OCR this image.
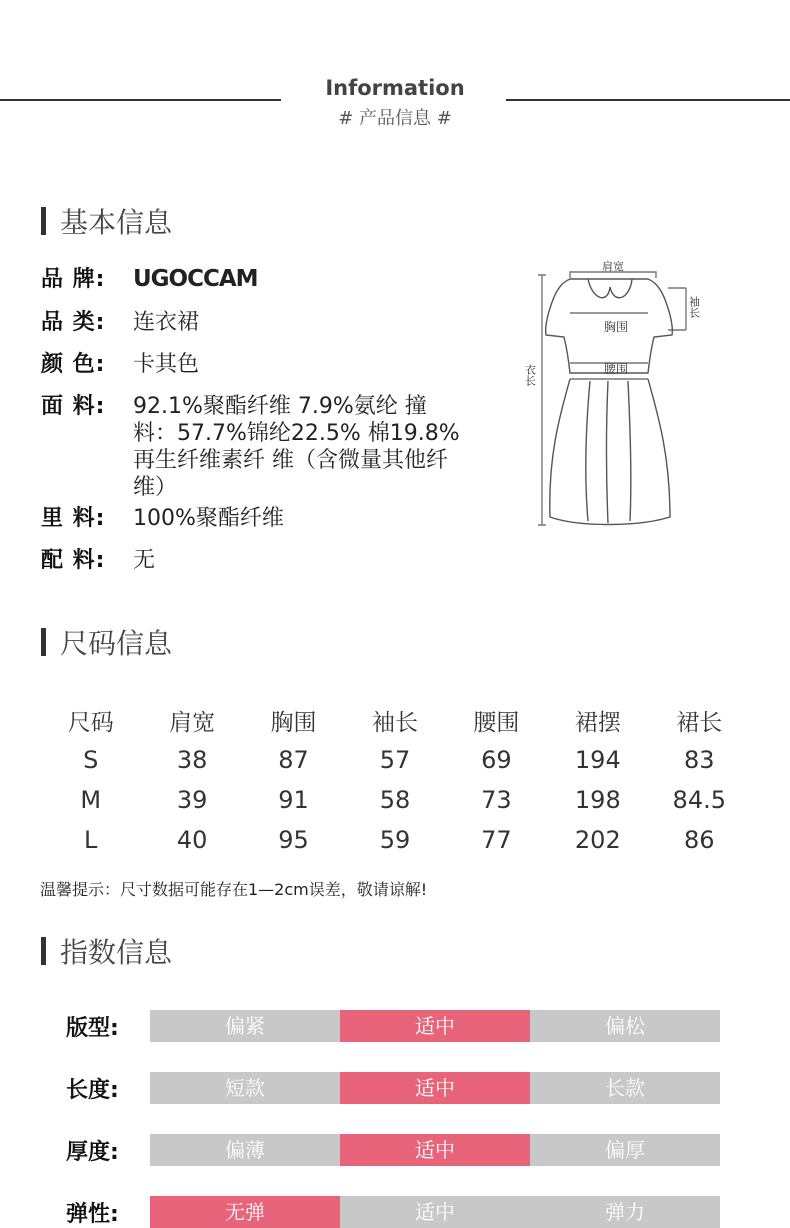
Information
# 产品信息 #
基本信息
品 牌:	UGOCCAM
品 类:	连衣裙
颜 色:	卡其色
面 料:	92.1%聚酯纤维 7.9%氨纶 撞料：57.7%锦纶22.5% 棉19.8%再生纤维素纤 维（含微量其他纤维）
里 料:	100%聚酯纤维
配 料:	无
肩宽
袖长
胸围
腰围
衣长
尺码信息
尺码	肩宽	胸围	袖长	腰围	裙摆	裙长
S	38	87	57	69	194	83
M	39	91	58	73	198	84.5
L	40	95	59	77	202	86
温馨提示：尺寸数据可能存在1—2cm误差，敬请谅解!
指数信息
版型:	偏紧	适中	偏松
长度:	短款	适中	长款
厚度:	偏薄	适中	偏厚
弹性:	无弹	适中	弹力
